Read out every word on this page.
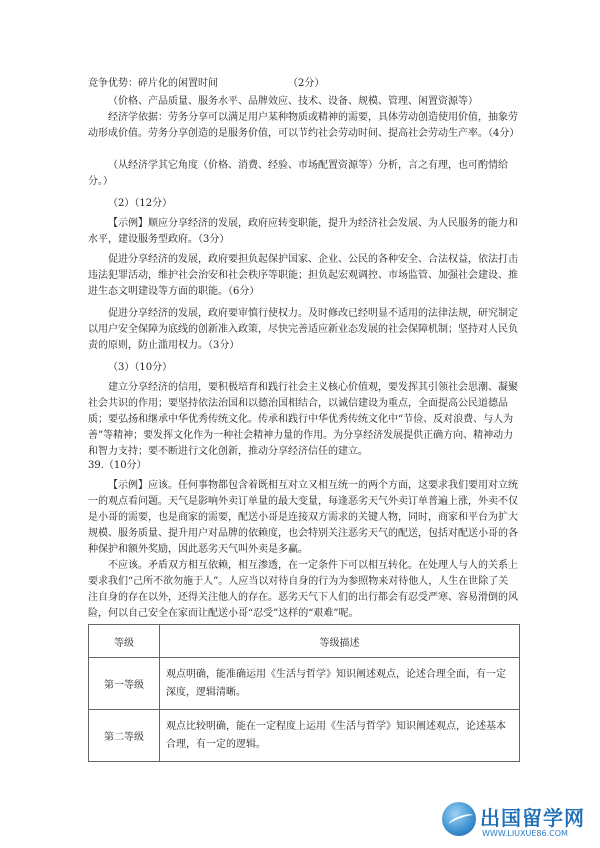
竞争优势：碎片化的闲置时间	（2分）

（价格、产品质量、服务水平、品牌效应、技术、设备、规模、管理、闲置资源等）

经济学依据：劳务分享可以满足用户某种物质或精神的需要，具体劳动创造使用价值，抽象劳动形成价值。劳务分享创造的是服务价值，可以节约社会劳动时间、提高社会劳动生产率。（4分）

（从经济学其它角度（价格、消费、经验、市场配置资源等）分析，言之有理，也可酌情给分。）

（2）（12分）

【示例】顺应分享经济的发展，政府应转变职能，提升为经济社会发展、为人民服务的能力和水平，建设服务型政府。（3分）

促进分享经济的发展，政府要担负起保护国家、企业、公民的各种安全、合法权益，依法打击违法犯罪活动，维护社会治安和社会秩序等职能；担负起宏观调控、市场监管、加强社会建设、推进生态文明建设等方面的职能。（6分）

促进分享经济的发展，政府要审慎行使权力。及时修改已经明显不适用的法律法规，研究制定以用户安全保障为底线的创新准入政策，尽快完善适应新业态发展的社会保障机制；坚持对人民负责的原则，防止滥用权力。（3分）

（3）（10分）

建立分享经济的信用，要积极培育和践行社会主义核心价值观，要发挥其引领社会思潮、凝聚社会共识的作用；要坚持依法治国和以德治国相结合，以诚信建设为重点，全面提高公民道德品质；要弘扬和继承中华优秀传统文化。传承和践行中华优秀传统文化中“节俭、反对浪费、与人为善”等精神；要发挥文化作为一种社会精神力量的作用。为分享经济发展提供正确方向、精神动力和智力支持；要不断进行文化创新，推动分享经济信任的建立。

39.（10分）

【示例】应该。任何事物都包含着既相互对立又相互统一的两个方面，这要求我们要用对立统一的观点看问题。天气是影响外卖订单量的最大变量，每逢恶劣天气外卖订单普遍上涨，外卖不仅是小哥的需要，也是商家的需要，配送小哥是连接双方需求的关键人物，同时，商家和平台为扩大规模、服务质量、提升用户对品牌的依赖度，也会特别关注恶劣天气的配送，包括对配送小哥的各种保护和额外奖励，因此恶劣天气叫外卖是多赢。

不应该。矛盾双方相互依赖，相互渗透，在一定条件下可以相互转化。在处理人与人的关系上要求我们“己所不欲勿施于人”。人应当以对待自身的行为为参照物来对待他人，人生在世除了关注自身的存在以外，还得关注他人的存在。恶劣天气下人们的出行都会有忍受严寒、容易滑倒的风险，何以自己安全在家而让配送小哥“忍受”这样的“艰难”呢。

等级	等级描述
第一等级	观点明确，能准确运用《生活与哲学》知识阐述观点，论述合理全面，有一定深度，逻辑清晰。
第二等级	观点比较明确，能在一定程度上运用《生活与哲学》知识阐述观点，论述基本合理，有一定的逻辑。
出国留学网
WWW.LIUXUE86.COM
